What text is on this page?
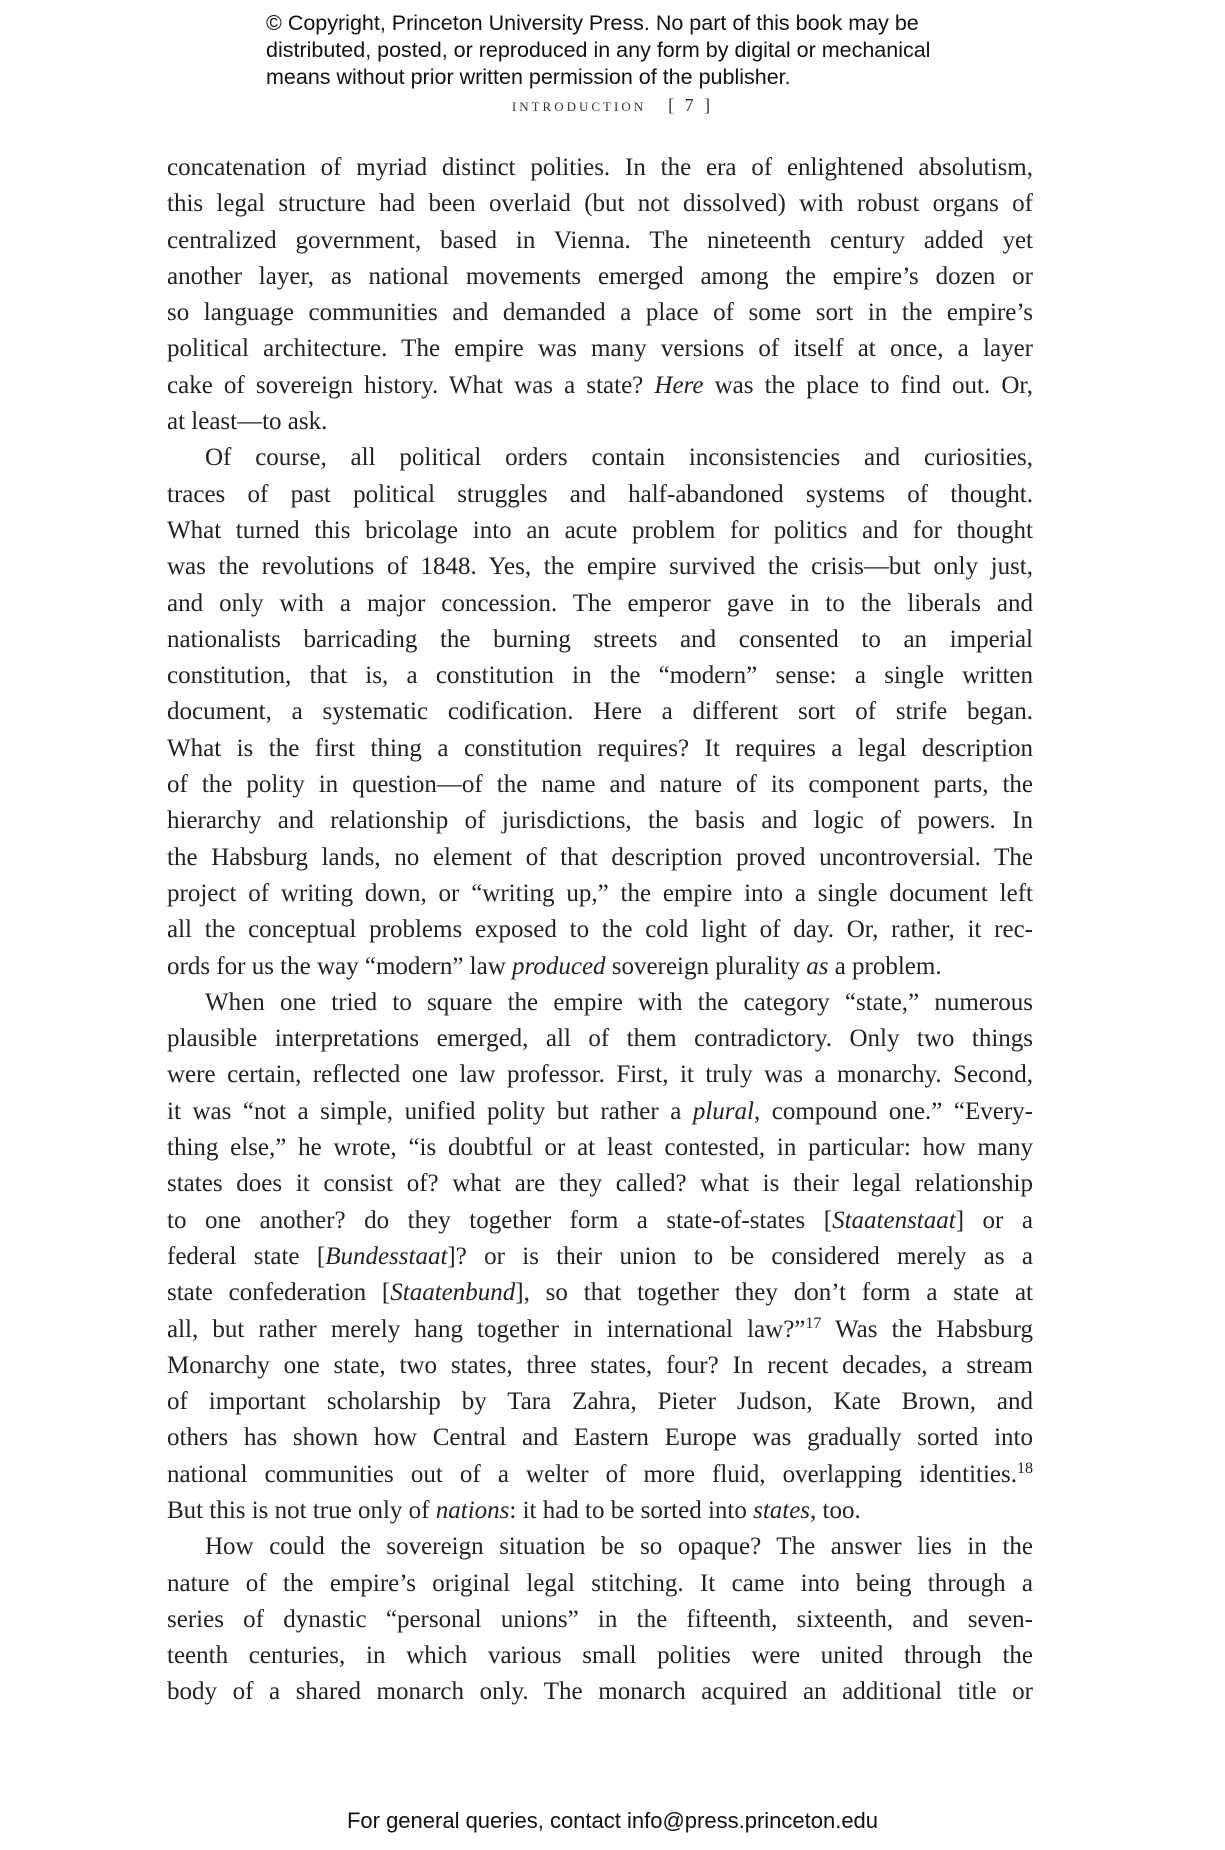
© Copyright, Princeton University Press. No part of this book may be
distributed, posted, or reproduced in any form by digital or mechanical
means without prior written permission of the publisher.
introduction [ 7 ]

concatenation of myriad distinct polities. In the era of enlightened absolutism,
this legal structure had been overlaid (but not dissolved) with robust organs of
centralized government, based in Vienna. The nineteenth century added yet
another layer, as national movements emerged among the empire’s dozen or
so language communities and demanded a place of some sort in the empire’s
political architecture. The empire was many versions of itself at once, a layer
cake of sovereign history. What was a state? Here was the place to find out. Or,
at least—to ask.

Of course, all political orders contain inconsistencies and curiosities,
traces of past political struggles and half-abandoned systems of thought.
What turned this bricolage into an acute problem for politics and for thought
was the revolutions of 1848. Yes, the empire survived the crisis—but only just,
and only with a major concession. The emperor gave in to the liberals and
nationalists barricading the burning streets and consented to an imperial
constitution, that is, a constitution in the “modern” sense: a single written
document, a systematic codification. Here a different sort of strife began.
What is the first thing a constitution requires? It requires a legal description
of the polity in question—of the name and nature of its component parts, the
hierarchy and relationship of jurisdictions, the basis and logic of powers. In
the Habsburg lands, no element of that description proved uncontroversial. The
project of writing down, or “writing up,” the empire into a single document left
all the conceptual problems exposed to the cold light of day. Or, rather, it rec-
ords for us the way “modern” law produced sovereign plurality as a problem.

When one tried to square the empire with the category “state,” numerous
plausible interpretations emerged, all of them contradictory. Only two things
were certain, reflected one law professor. First, it truly was a monarchy. Second,
it was “not a simple, unified polity but rather a plural, compound one.” “Every-
thing else,” he wrote, “is doubtful or at least contested, in particular: how many
states does it consist of? what are they called? what is their legal relationship
to one another? do they together form a state-of-states [Staatenstaat] or a
federal state [Bundesstaat]? or is their union to be considered merely as a
state confederation [Staatenbund], so that together they don’t form a state at
all, but rather merely hang together in international law?”$^{17}$ Was the Habsburg
Monarchy one state, two states, three states, four? In recent decades, a stream
of important scholarship by Tara Zahra, Pieter Judson, Kate Brown, and
others has shown how Central and Eastern Europe was gradually sorted into
national communities out of a welter of more fluid, overlapping identities.$^{18}$
But this is not true only of nations: it had to be sorted into states, too.

How could the sovereign situation be so opaque? The answer lies in the
nature of the empire’s original legal stitching. It came into being through a
series of dynastic “personal unions” in the fifteenth, sixteenth, and seven-
teenth centuries, in which various small polities were united through the
body of a shared monarch only. The monarch acquired an additional title or

For general queries, contact info@press.princeton.edu
